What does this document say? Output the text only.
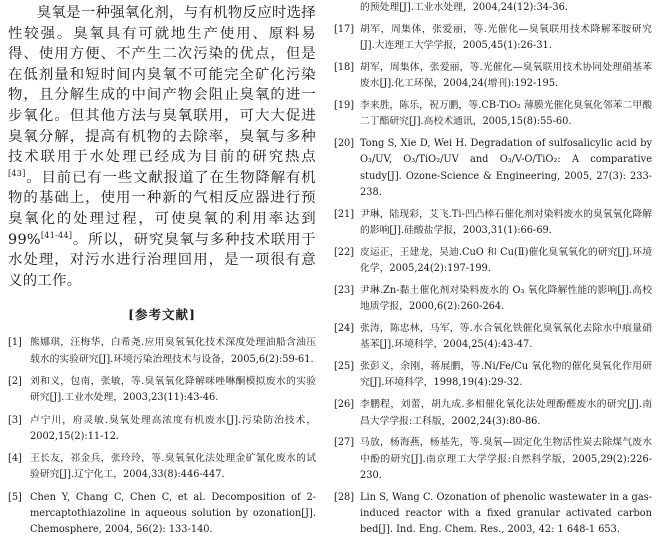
臭氧是一种强氧化剂，与有机物反应时选择性较强。臭氧具有可就地生产使用、原料易得、使用方便、不产生二次污染的优点，但是在低剂量和短时间内臭氧不可能完全矿化污染物，且分解生成的中间产物会阻止臭氧的进一步氧化。但其他方法与臭氧联用，可大大促进臭氧分解，提高有机物的去除率，臭氧与多种技术联用于水处理已经成为目前的研究热点[43]。目前已有一些文献报道了在生物降解有机物的基础上，使用一种新的气相反应器进行预臭氧化的处理过程，可使臭氧的利用率达到99%[41-44]。所以，研究臭氧与多种技术联用于水处理，对污水进行治理回用，是一项很有意义的工作。

[参考文献]
[1] 熊娜琪，汪梅华，白希尧.应用臭氧氧化技术深度处理油船含油压载水的实验研究[J].环境污染治理技术与设备，2005,6(2):59-61.
[2] 刘和义，包南，张敏，等.臭氧氧化降解咪唑啉酮模拟废水的实验研究[J].工业水处理，2003,23(11):43-46.
[3] 卢宁川，府灵敏.臭氧处理高浓度有机废水[J].污染防治技术，2002,15(2):11-12.
[4] 王长友，祁金兵，张玲玲，等.臭氧氧化法处理金矿氰化废水的试验研究[J].辽宁化工，2004,33(8):446-447.
[5] Chen Y, Chang C, Chen C, et al. Decomposition of 2-mercaptothiazoline in aqueous solution by ozonation[J]. Chemosphere, 2004, 56(2): 133-140.
的预处理[J].工业水处理，2004,24(12):34-36.
[17] 胡军，周集体，张爱丽，等.光催化—臭氧联用技术降解苯胺研究[J].大连理工大学学报，2005,45(1):26-31.
[18] 胡军，周集体，张爱丽，等.光催化—臭氧联用技术协同处理硝基苯废水[J].化工环保，2004,24(增刊):192-195.
[19] 李来胜，陈乐，祝万鹏，等.CB-TiO₂ 薄膜光催化臭氧化邻苯二甲酸二丁酯研究[J].高校术通讯，2005,15(8):55-60.
[20] Tong S, Xie D, Wei H. Degradation of sulfosalicylic acid by O₃/UV, O₃/TiO₂/UV and O₃/V-O/TiO₂: A comparative study[J]. Ozone-Science & Engineering, 2005, 27(3): 233-238.
[21] 尹琳，陆现彩，艾飞.Ti-凹凸棒石催化剂对染料废水的臭氧氧化降解的影响[J].硅酸盐学报，2003,31(1):66-69.
[22] 皮运正，王建龙，吴迪.CuO 和 Cu(Ⅱ)催化臭氧氧化的研究[J].环境化学，2005,24(2):197-199.
[23] 尹琳.Zn-黏土催化剂对染料废水的 O₃ 氧化降解性能的影响[J].高校地质学报，2000,6(2):260-264.
[24] 张涛，陈忠林，马军，等.水合氧化铁催化臭氧氧化去除水中痕量硝基苯[J].环境科学，2004,25(4):43-47.
[25] 张彭义，余刚，蒋展鹏，等.Ni/Fe/Cu 氧化物的催化臭氧化作用研究[J].环境科学，1998,19(4):29-32.
[26] 李鹏程，刘蕾，胡九成.多相催化氧化法处理酚醛废水的研究[J].南昌大学学报:工科版，2002,24(3):80-86.
[27] 马放，杨海燕，杨基先，等.臭氧—固定化生物活性炭去除煤气废水中酚的研究[J].南京理工大学学报:自然科学版，2005,29(2):226-230.
[28] Lin S, Wang C. Ozonation of phenolic wastewater in a gas-induced reactor with a fixed granular activated carbon bed[J]. Ind. Eng. Chem. Res., 2003, 42: 1 648-1 653.
